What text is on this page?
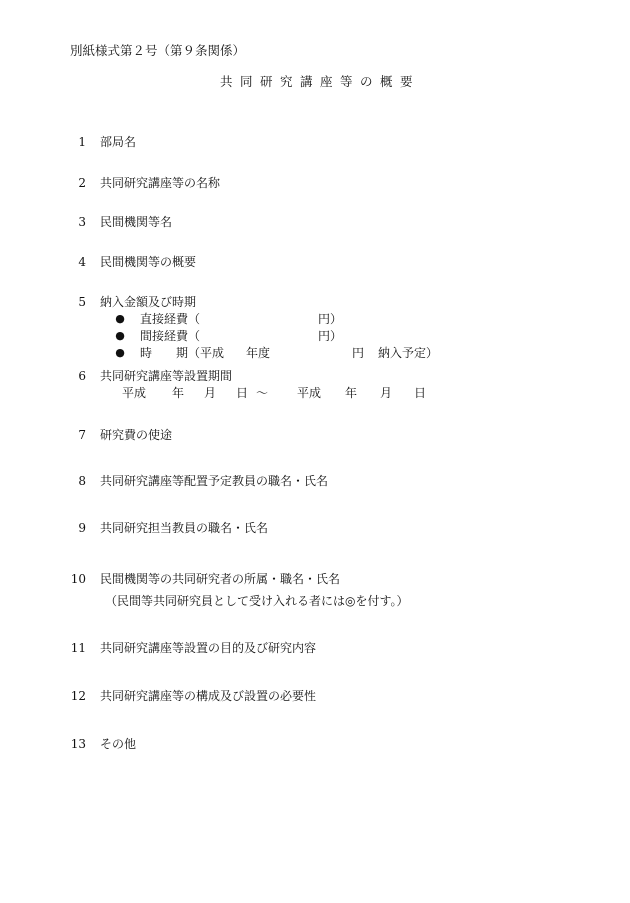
別紙様式第２号（第９条関係）
共同研究講座等の概要
1 部局名
2 共同研究講座等の名称
3 民間機関等名
4 民間機関等の概要
5 納入金額及び時期
● 直接経費（	円）
● 間接経費（	円）
● 時　　期（平成 年度	円 納入予定）
6 共同研究講座等設置期間
平成 年 月 日 ～ 平成 年 月 日
7 研究費の使途
8 共同研究講座等配置予定教員の職名・氏名
9 共同研究担当教員の職名・氏名
10 民間機関等の共同研究者の所属・職名・氏名
（民間等共同研究員として受け入れる者には◎を付す。）
11 共同研究講座等設置の目的及び研究内容
12 共同研究講座等の構成及び設置の必要性
13 その他
